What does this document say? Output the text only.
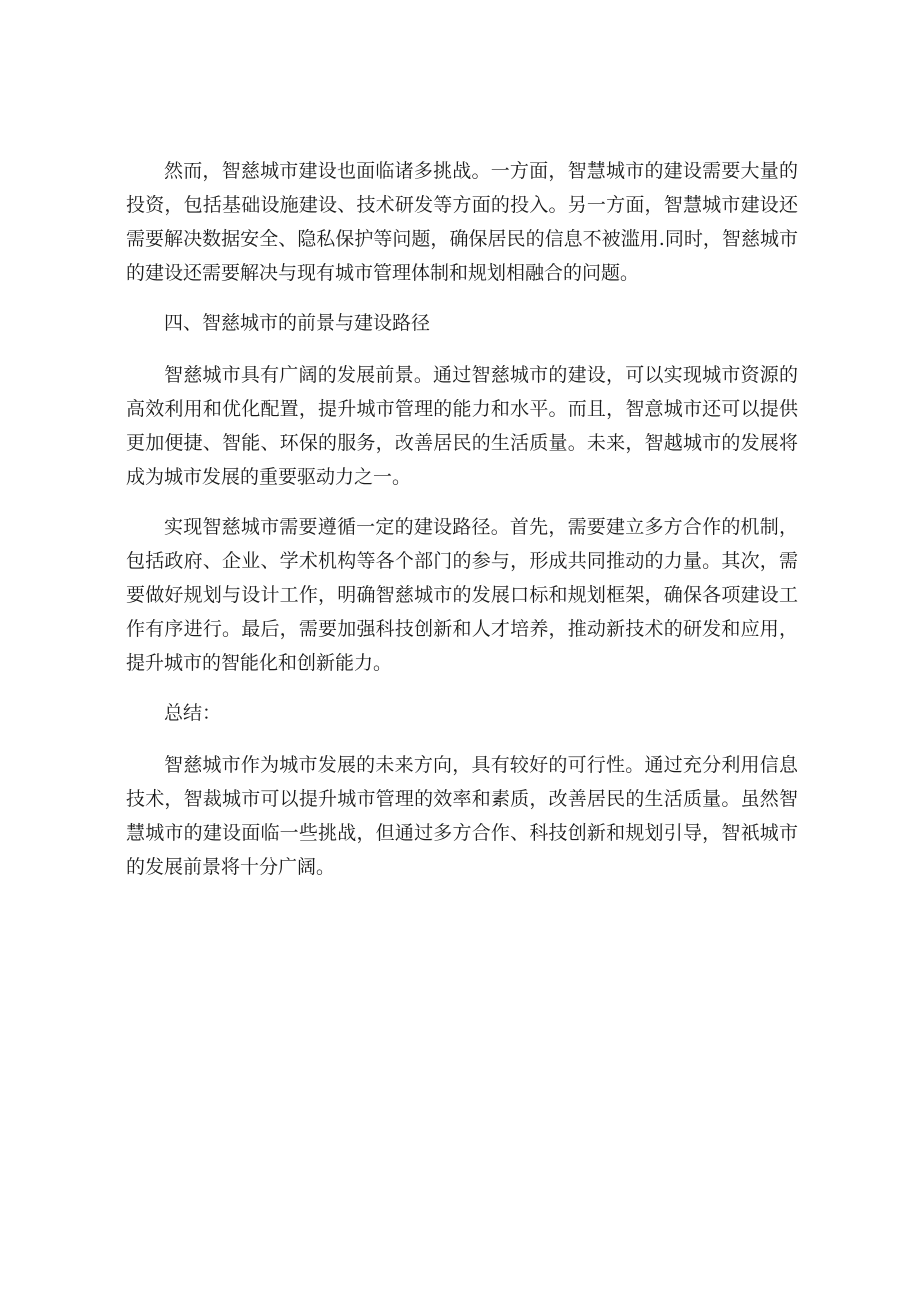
然而，智慈城市建设也面临诸多挑战。一方面，智慧城市的建设需要大量的投资，包括基础设施建设、技术研发等方面的投入。另一方面，智慧城市建设还需要解决数据安全、隐私保护等问题，确保居民的信息不被滥用.同时，智慈城市的建设还需要解决与现有城市管理体制和规划相融合的问题。

四、智慈城市的前景与建设路径

智慈城市具有广阔的发展前景。通过智慈城市的建设，可以实现城市资源的高效利用和优化配置，提升城市管理的能力和水平。而且，智意城市还可以提供更加便捷、智能、环保的服务，改善居民的生活质量。未来，智越城市的发展将成为城市发展的重要驱动力之一。

实现智慈城市需要遵循一定的建设路径。首先，需要建立多方合作的机制，包括政府、企业、学术机构等各个部门的参与，形成共同推动的力量。其次，需要做好规划与设计工作，明确智慈城市的发展口标和规划框架，确保各项建设工作有序进行。最后，需要加强科技创新和人才培养，推动新技术的研发和应用，提升城市的智能化和创新能力。

总结：

智慈城市作为城市发展的未来方向，具有较好的可行性。通过充分利用信息技术，智裁城市可以提升城市管理的效率和素质，改善居民的生活质量。虽然智慧城市的建设面临一些挑战，但通过多方合作、科技创新和规划引导，智祇城市的发展前景将十分广阔。
